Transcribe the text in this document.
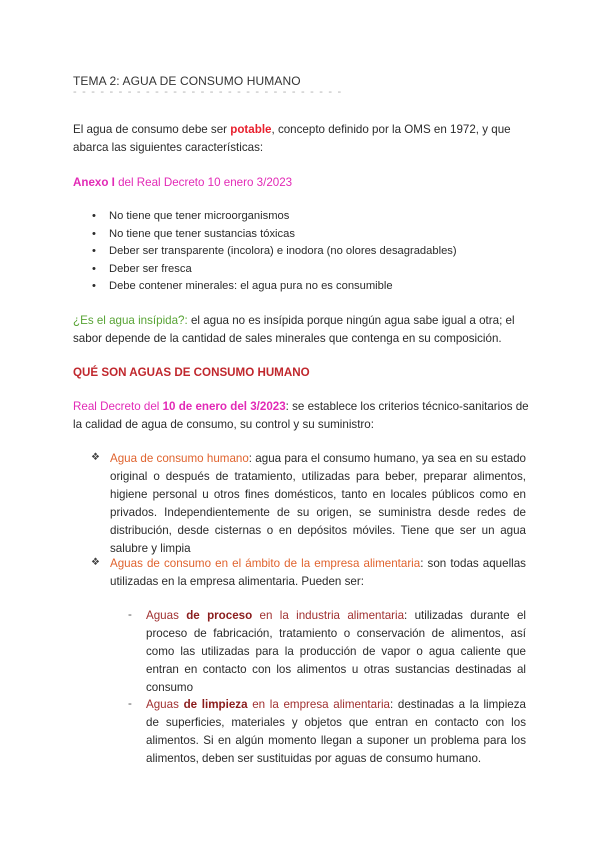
TEMA 2: AGUA DE CONSUMO HUMANO
- - - - - - - - - - - - - - - - - - - - - - - - - - - - - -
El agua de consumo debe ser potable, concepto definido por la OMS en 1972, y que abarca las siguientes características:
Anexo I del Real Decreto 10 enero 3/2023
• No tiene que tener microorganismos
• No tiene que tener sustancias tóxicas
• Deber ser transparente (incolora) e inodora (no olores desagradables)
• Deber ser fresca
• Debe contener minerales: el agua pura no es consumible
¿Es el agua insípida?: el agua no es insípida porque ningún agua sabe igual a otra; el sabor depende de la cantidad de sales minerales que contenga en su composición.
QUÉ SON AGUAS DE CONSUMO HUMANO
Real Decreto del 10 de enero del 3/2023: se establece los criterios técnico-sanitarios de la calidad de agua de consumo, su control y su suministro:
❖ Agua de consumo humano: agua para el consumo humano, ya sea en su estado original o después de tratamiento, utilizadas para beber, preparar alimentos, higiene personal u otros fines domésticos, tanto en locales públicos como en privados. Independientemente de su origen, se suministra desde redes de distribución, desde cisternas o en depósitos móviles. Tiene que ser un agua salubre y limpia
❖ Aguas de consumo en el ámbito de la empresa alimentaria: son todas aquellas utilizadas en la empresa alimentaria. Pueden ser:
- Aguas de proceso en la industria alimentaria: utilizadas durante el proceso de fabricación, tratamiento o conservación de alimentos, así como las utilizadas para la producción de vapor o agua caliente que entran en contacto con los alimentos u otras sustancias destinadas al consumo
- Aguas de limpieza en la empresa alimentaria: destinadas a la limpieza de superficies, materiales y objetos que entran en contacto con los alimentos. Si en algún momento llegan a suponer un problema para los alimentos, deben ser sustituidas por aguas de consumo humano.
